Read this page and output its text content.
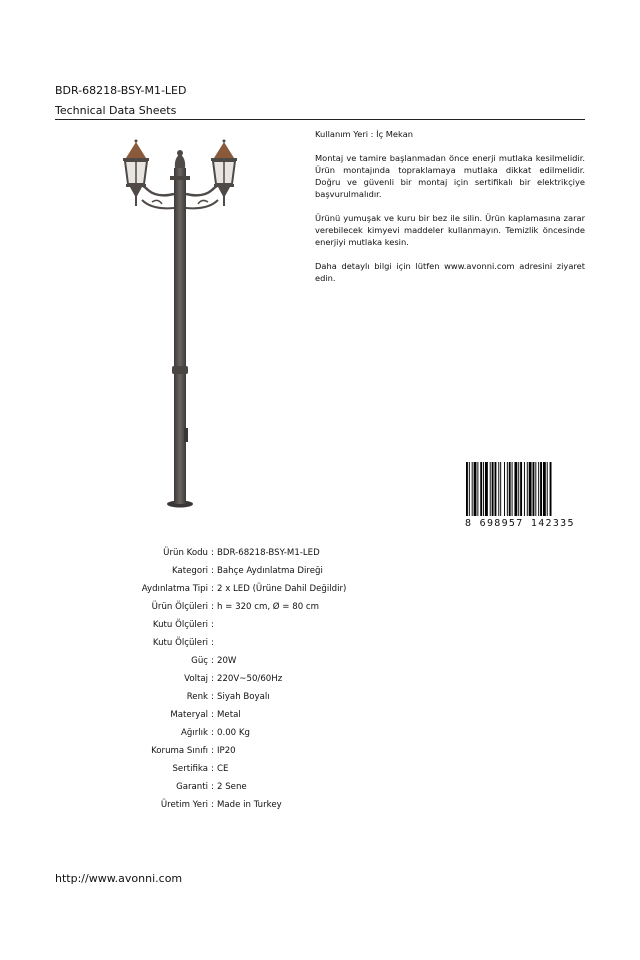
BDR-68218-BSY-M1-LED
Technical Data Sheets

Kullanım Yeri : İç Mekan

Montaj ve tamire başlanmadan önce enerji mutlaka kesilmelidir. Ürün montajında topraklamaya mutlaka dikkat edilmelidir. Doğru ve güvenli bir montaj için sertifikalı bir elektrikçiye başvurulmalıdır.

Ürünü yumuşak ve kuru bir bez ile silin. Ürün kaplamasına zarar verebilecek kimyevi maddeler kullanmayın. Temizlik öncesinde enerjiyi mutlaka kesin.

Daha detaylı bilgi için lütfen www.avonni.com adresini ziyaret edin.

8 698957 142335
Ürün Kodu : BDR-68218-BSY-M1-LED
Kategori : Bahçe Aydınlatma Direği
Aydınlatma Tipi : 2 x LED (Ürüne Dahil Değildir)
Ürün Ölçüleri : h = 320 cm, Ø = 80 cm
Kutu Ölçüleri :
Kutu Ölçüleri :
Güç : 20W
Voltaj : 220V~50/60Hz
Renk : Siyah Boyalı
Materyal : Metal
Ağırlık : 0.00 Kg
Koruma Sınıfı : IP20
Sertifika : CE
Garanti : 2 Sene
Üretim Yeri : Made in Turkey
http://www.avonni.com
